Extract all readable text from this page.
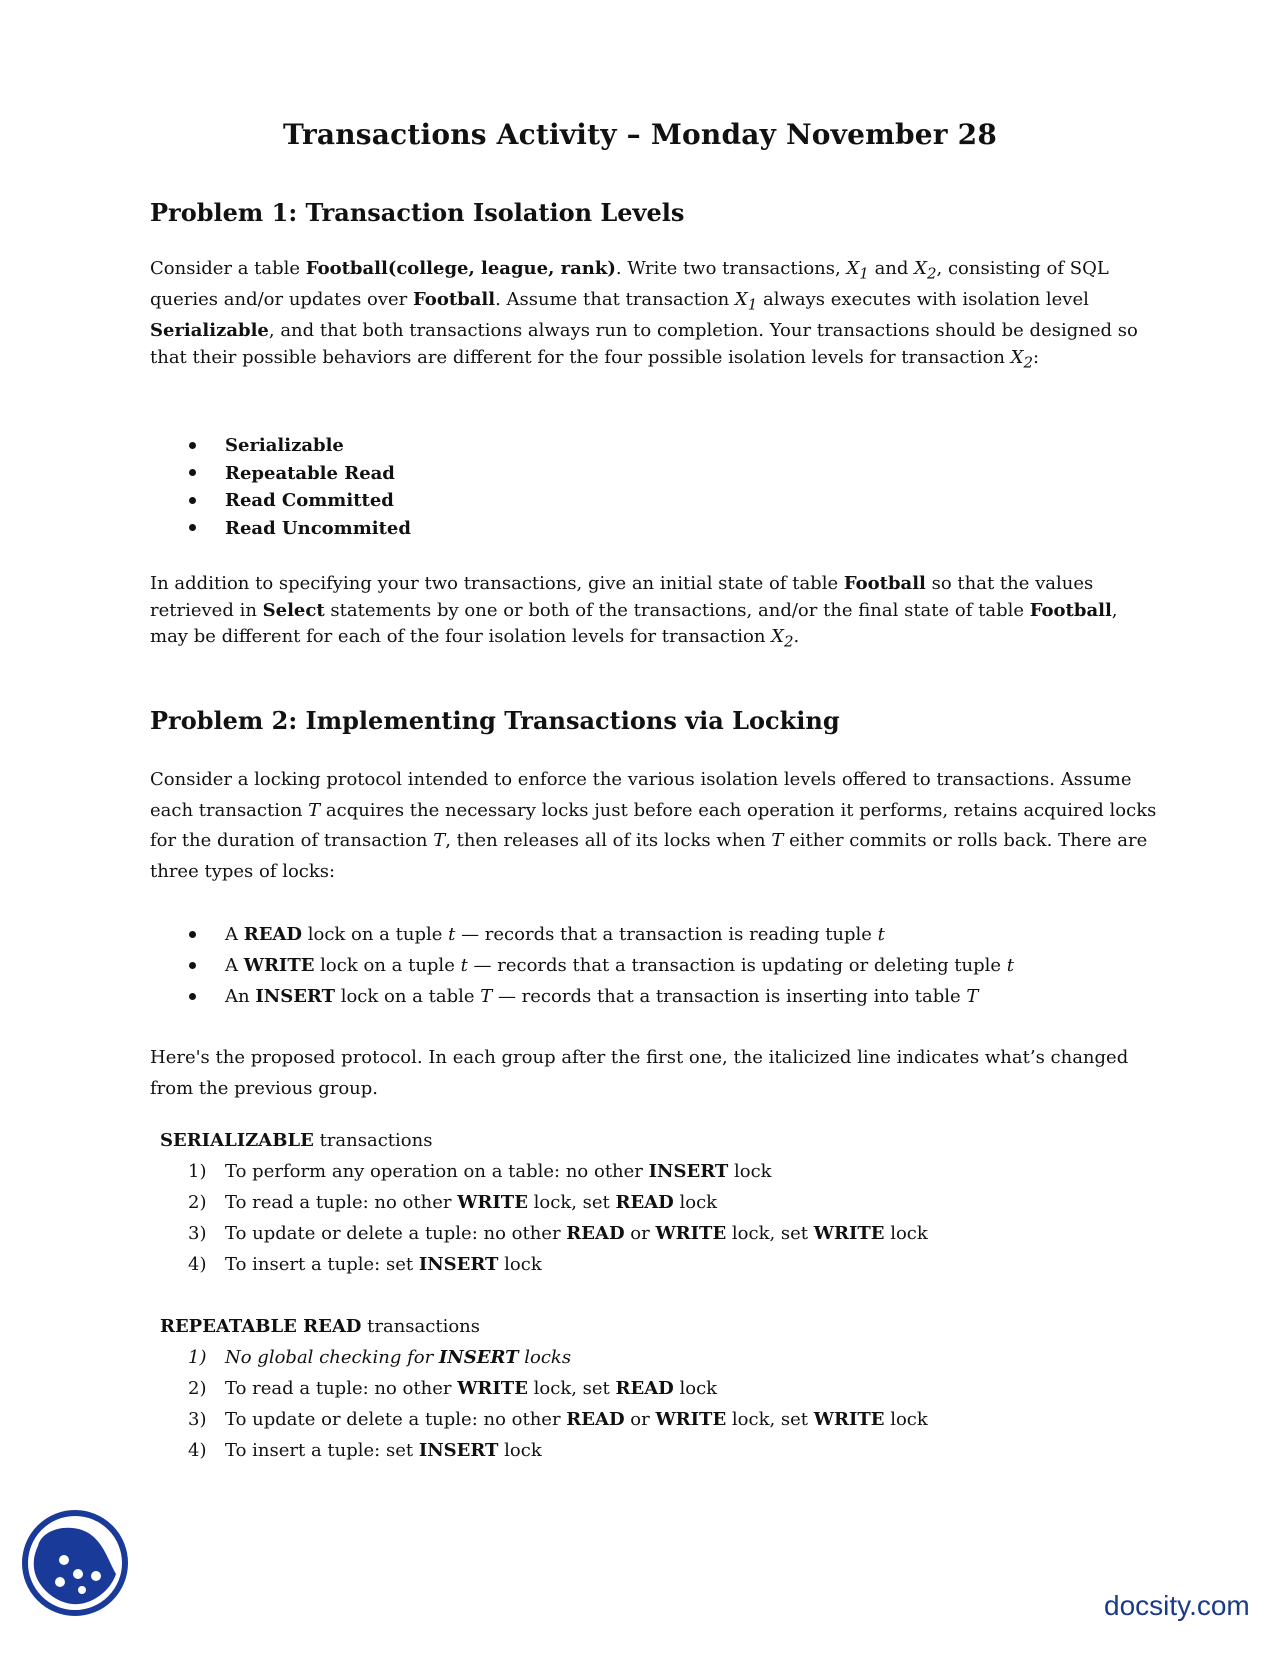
Transactions Activity – Monday November 28
Problem 1: Transaction Isolation Levels

Consider a table Football(college, league, rank). Write two transactions, $X_1$ and $X_2$, consisting of SQL queries and/or updates over Football. Assume that transaction $X_1$ always executes with isolation level Serializable, and that both transactions always run to completion. Your transactions should be designed so that their possible behaviors are different for the four possible isolation levels for transaction $X_2$:

Serializable
Repeatable Read
Read Committed
Read Uncommited

In addition to specifying your two transactions, give an initial state of table Football so that the values retrieved in Select statements by one or both of the transactions, and/or the final state of table Football, may be different for each of the four isolation levels for transaction $X_2$.

Problem 2: Implementing Transactions via Locking

Consider a locking protocol intended to enforce the various isolation levels offered to transactions. Assume each transaction T acquires the necessary locks just before each operation it performs, retains acquired locks for the duration of transaction T, then releases all of its locks when T either commits or rolls back. There are three types of locks:

A READ lock on a tuple t — records that a transaction is reading tuple t
A WRITE lock on a tuple t — records that a transaction is updating or deleting tuple t
An INSERT lock on a table T — records that a transaction is inserting into table T

Here's the proposed protocol. In each group after the first one, the italicized line indicates what’s changed from the previous group.

SERIALIZABLE transactions

1) To perform any operation on a table: no other INSERT lock
2) To read a tuple: no other WRITE lock, set READ lock
3) To update or delete a tuple: no other READ or WRITE lock, set WRITE lock
4) To insert a tuple: set INSERT lock

REPEATABLE READ transactions

1) No global checking for INSERT locks
2) To read a tuple: no other WRITE lock, set READ lock
3) To update or delete a tuple: no other READ or WRITE lock, set WRITE lock
4) To insert a tuple: set INSERT lock

docsity.com
